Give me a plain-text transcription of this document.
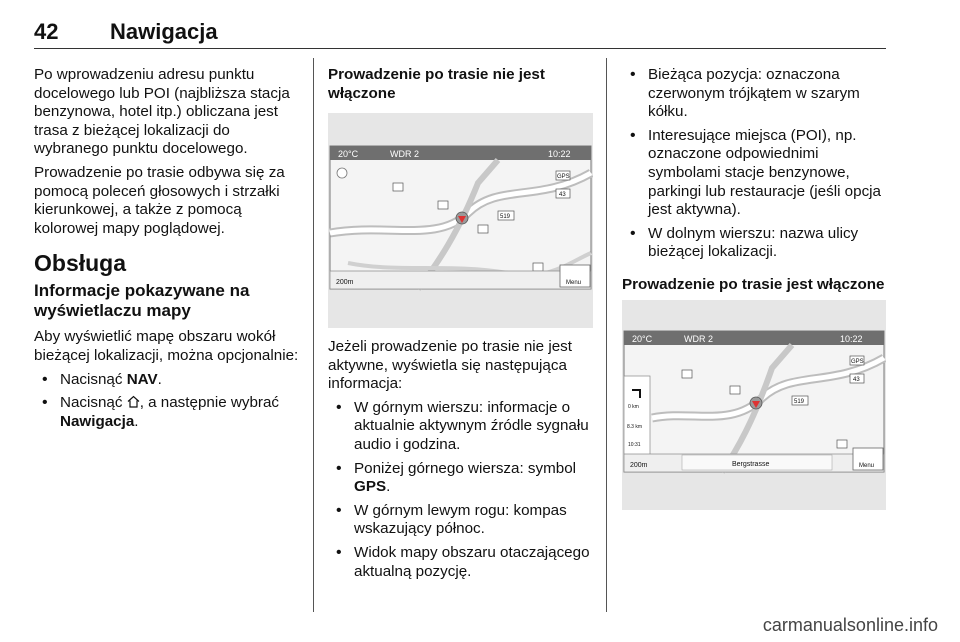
42 Nawigacja

Po wprowadzeniu adresu punktu docelowego lub POI (najbliższa stacja benzynowa, hotel itp.) obliczana jest trasa z bieżącej lokalizacji do wybranego punktu docelowego.

Prowadzenie po trasie odbywa się za pomocą poleceń głosowych i strzałki kierunkowej, a także z pomocą kolorowej mapy poglądowej.

Obsługa
Informacje pokazywane na wyświetlaczu mapy

Aby wyświetlić mapę obszaru wokół bieżącej lokalizacji, można opcjonalnie:

• Nacisnąć NAV.
• Nacisnąć , a następnie wybrać Nawigacja.
Prowadzenie po trasie nie jest włączone
20°C	WDR 2	10:22
GPS
519
43
200m	Menu

Jeżeli prowadzenie po trasie nie jest aktywne, wyświetla się następująca informacja:

• W górnym wierszu: informacje o aktualnie aktywnym źródle sygnału audio i godzina.
• Poniżej górnego wiersza: symbol GPS.
• W górnym lewym rogu: kompas wskazujący północ.
• Widok mapy obszaru otaczającego aktualną pozycję.
• Bieżąca pozycja: oznaczona czerwonym trójkątem w szarym kółku.
• Interesujące miejsca (POI), np. oznaczone odpowiednimi symbolami stacje benzynowe, parkingi lub restauracje (jeśli opcja jest aktywna).
• W dolnym wierszu: nazwa ulicy bieżącej lokalizacji.
Prowadzenie po trasie jest włączone
20°C	WDR 2	10:22
GPS
519
43
0 km
8.3 km
10:31
200m	Bergstrasse	Menu
carmanualsonline.info
